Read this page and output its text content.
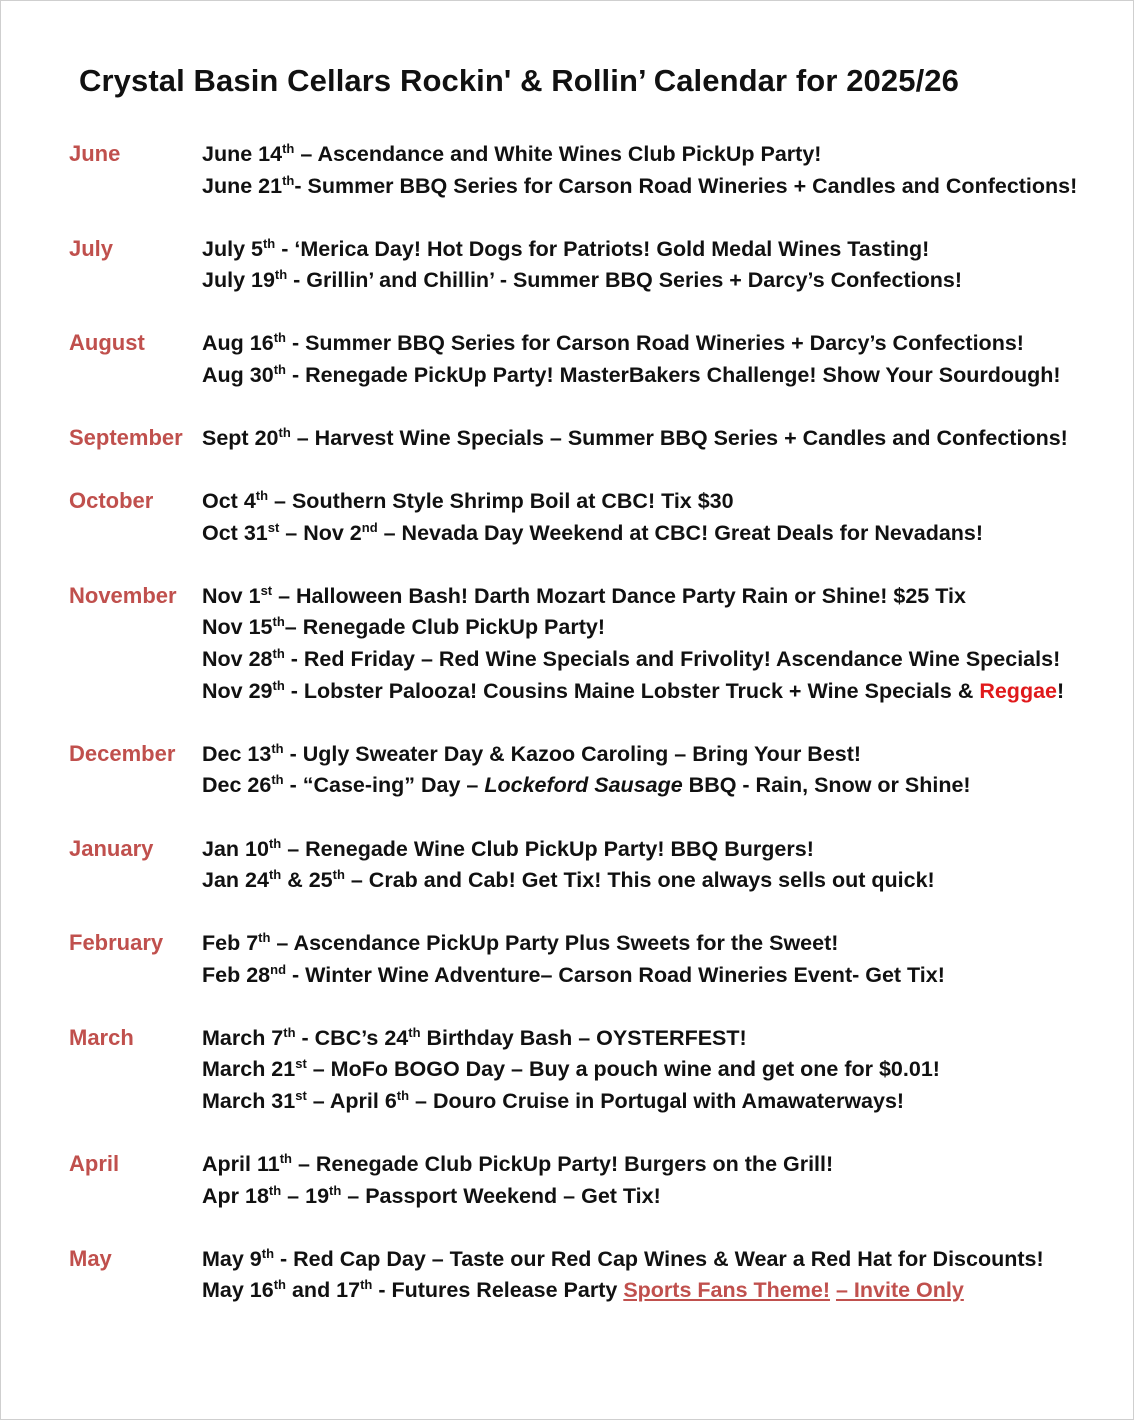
Crystal Basin Cellars Rockin' & Rollin’ Calendar for 2025/26
June	June 14th – Ascendance and White Wines Club PickUp Party!
June 21th- Summer BBQ Series for Carson Road Wineries + Candles and Confections!
July	July 5th - ‘Merica Day! Hot Dogs for Patriots! Gold Medal Wines Tasting!
July 19th - Grillin’ and Chillin’ - Summer BBQ Series + Darcy’s Confections!
August	Aug 16th - Summer BBQ Series for Carson Road Wineries + Darcy’s Confections!
Aug 30th - Renegade PickUp Party! MasterBakers Challenge! Show Your Sourdough!
September Sept 20th – Harvest Wine Specials – Summer BBQ Series + Candles and Confections!
October	Oct 4th – Southern Style Shrimp Boil at CBC! Tix $30
Oct 31st – Nov 2nd – Nevada Day Weekend at CBC! Great Deals for Nevadans!
November	Nov 1st – Halloween Bash! Darth Mozart Dance Party Rain or Shine! $25 Tix
Nov 15th– Renegade Club PickUp Party!
Nov 28th - Red Friday – Red Wine Specials and Frivolity! Ascendance Wine Specials!
Nov 29th - Lobster Palooza! Cousins Maine Lobster Truck + Wine Specials & Reggae!
December	Dec 13th - Ugly Sweater Day & Kazoo Caroling – Bring Your Best!
Dec 26th - “Case-ing” Day – Lockeford Sausage BBQ - Rain, Snow or Shine!
January	Jan 10th – Renegade Wine Club PickUp Party! BBQ Burgers!
Jan 24th & 25th – Crab and Cab! Get Tix! This one always sells out quick!
February	Feb 7th – Ascendance PickUp Party Plus Sweets for the Sweet!
Feb 28nd - Winter Wine Adventure– Carson Road Wineries Event- Get Tix!
March	March 7th - CBC’s 24th Birthday Bash – OYSTERFEST!
March 21st – MoFo BOGO Day – Buy a pouch wine and get one for $0.01!
March 31st – April 6th – Douro Cruise in Portugal with Amawaterways!
April	April 11th – Renegade Club PickUp Party! Burgers on the Grill!
Apr 18th – 19th – Passport Weekend – Get Tix!
May	May 9th - Red Cap Day – Taste our Red Cap Wines & Wear a Red Hat for Discounts!
May 16th and 17th - Futures Release Party Sports Fans Theme! – Invite Only
